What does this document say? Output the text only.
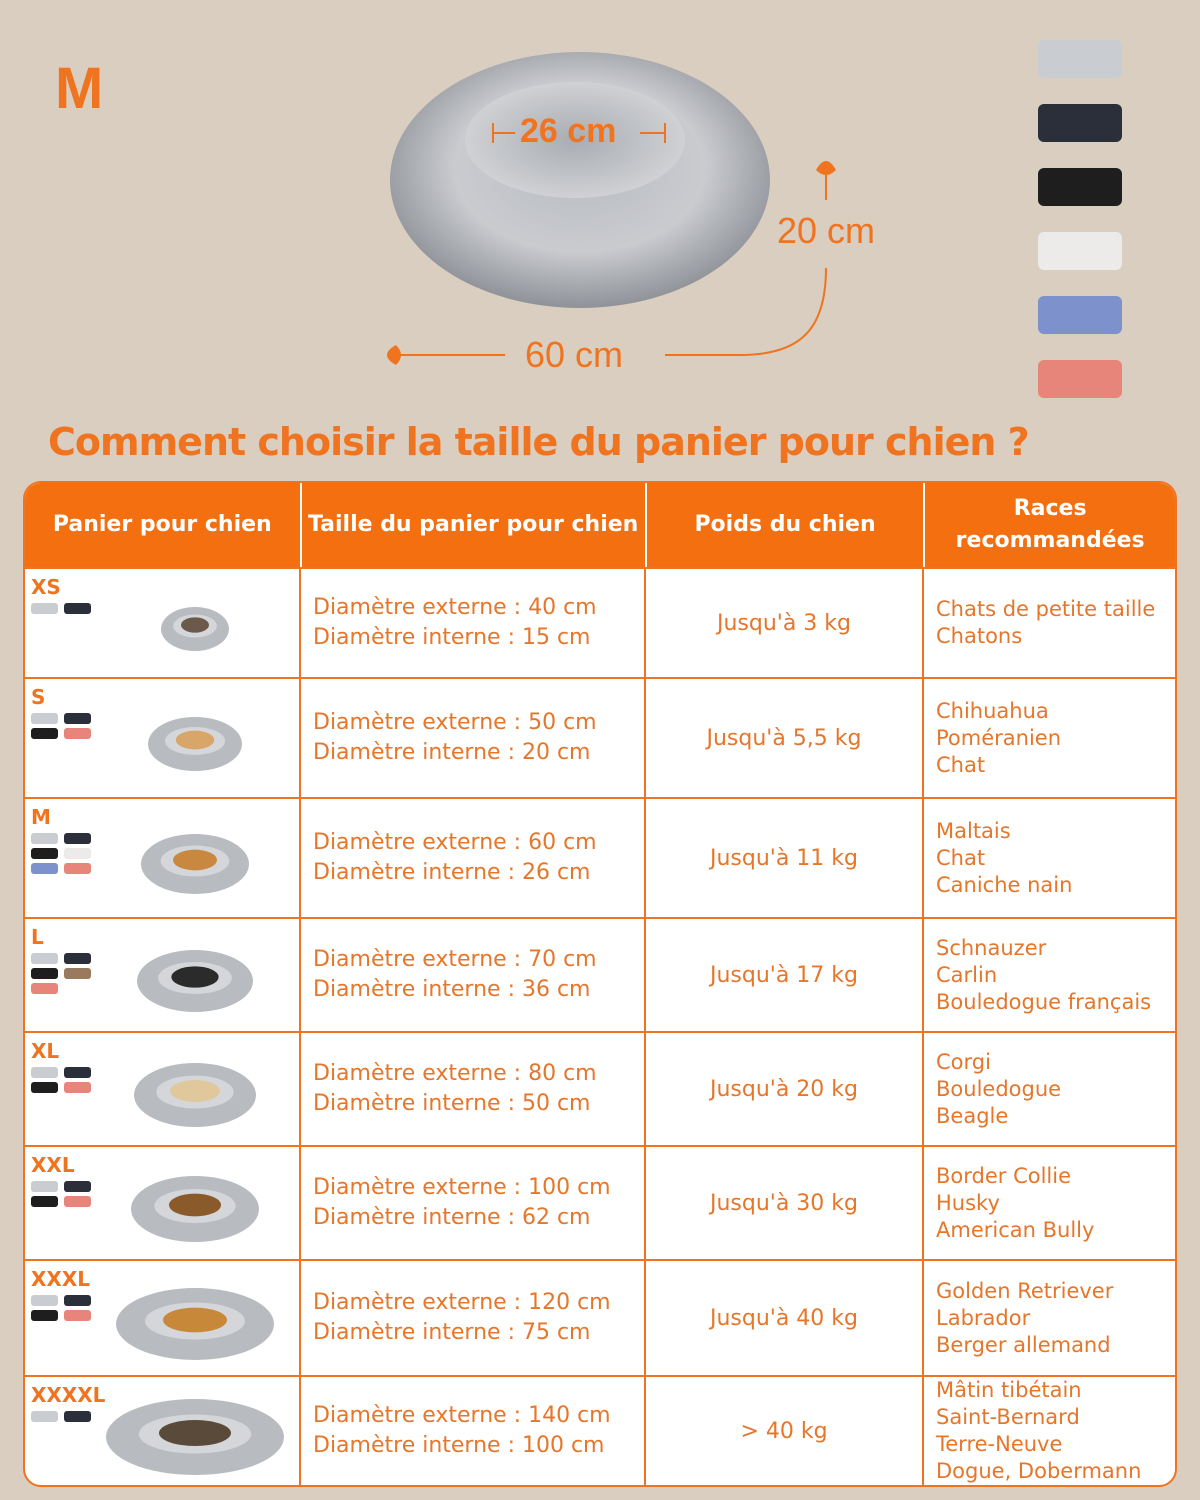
M
26 cm
20 cm
60 cm
Comment choisir la taille du panier pour chien ?
Panier pour chien	Taille du panier pour chien	Poids du chien
Races recommandées
XS
Diamètre externe : 40 cm
Diamètre interne : 15 cm
Jusqu'à 3 kg
Chats de petite taille
Chatons
S
Diamètre externe : 50 cm
Diamètre interne : 20 cm
Jusqu'à 5,5 kg
Chihuahua
Poméranien
Chat
M
Diamètre externe : 60 cm
Diamètre interne : 26 cm
Jusqu'à 11 kg
Maltais
Chat
Caniche nain
L
Diamètre externe : 70 cm
Diamètre interne : 36 cm
Jusqu'à 17 kg
Schnauzer
Carlin
Bouledogue français
XL
Diamètre externe : 80 cm
Diamètre interne : 50 cm
Jusqu'à 20 kg
Corgi
Bouledogue
Beagle
XXL
Diamètre externe : 100 cm
Diamètre interne : 62 cm
Jusqu'à 30 kg
Border Collie
Husky
American Bully
XXXL
Diamètre externe : 120 cm
Diamètre interne : 75 cm
Jusqu'à 40 kg
Golden Retriever
Labrador
Berger allemand
XXXXL
Diamètre externe : 140 cm
Diamètre interne : 100 cm
> 40 kg
Mâtin tibétain
Saint-Bernard
Terre-Neuve
Dogue, Dobermann
